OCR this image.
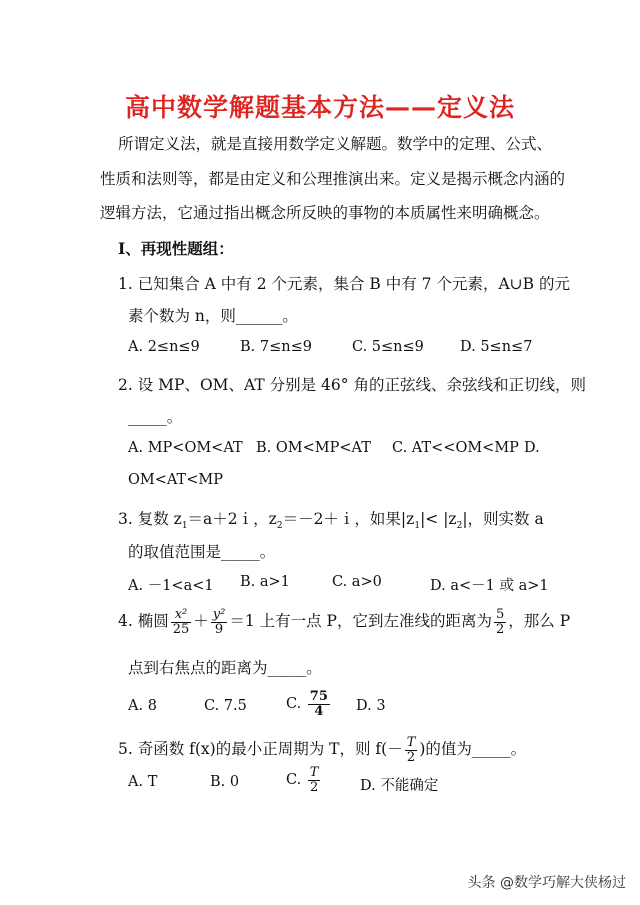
高中数学解题基本方法——定义法
所谓定义法，就是直接用数学定义解题。数学中的定理、公式、
性质和法则等，都是由定义和公理推演出来。定义是揭示概念内涵的
逻辑方法，它通过指出概念所反映的事物的本质属性来明确概念。
Ⅰ、再现性题组：
1. 已知集合 A 中有 2 个元素，集合 B 中有 7 个元素，A∪B 的元
素个数为 n，则______。
A. 2≤n≤9	B. 7≤n≤9	C. 5≤n≤9 D. 5≤n≤7
2. 设 MP、OM、AT 分别是 46° 角的正弦线、余弦线和正切线，则
_____。
A. MP<OM<AT B. OM<MP<AT C. AT<<OM<MP D.
OM<AT<MP
3. 复数 $z_1=a+2i$，$z_2=-2+i$，如果$|z_1|< |z_2|$，则实数 a
的取值范围是_____。
A. －1<a<1 B. a>1	C. a>0	D. a<－1 或 a>1
4. 椭圆 $\frac{\text{x²}}{25} + \frac{\text{y²}}{9} =1$ 上有一点 P，它到左准线的距离为 $\frac{5}{2}$ ，那么 P
点到右焦点的距离为_____。
A. 8	C. 7.5	C. $\frac{75}{4} D$. 3
5. 奇函数 f(x)的最小正周期为 T，则 $f(- \frac{T}{2}$ )的值为_____。
A. T	B. 0	C. $\frac{T}{2}$	D. 不能确定
头条 @数学巧解大侠杨过
